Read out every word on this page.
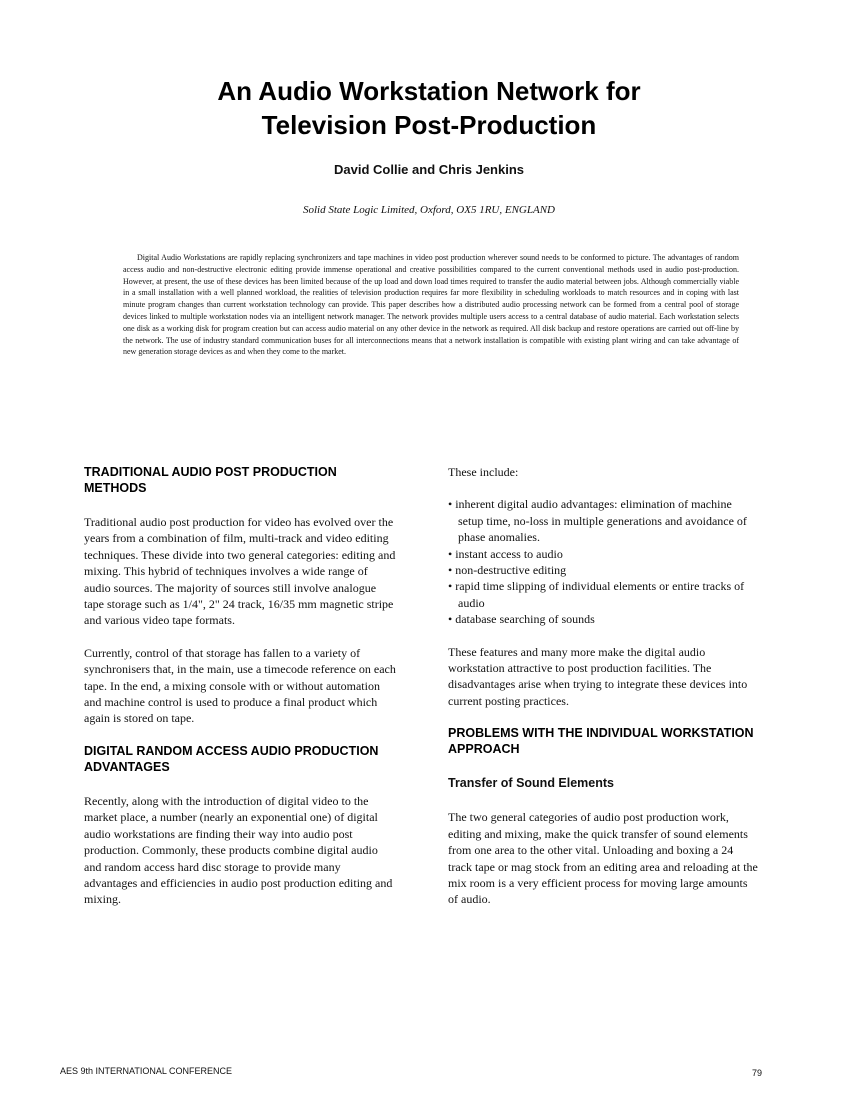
An Audio Workstation Network for
Television Post-Production
David Collie and Chris Jenkins
Solid State Logic Limited, Oxford, OX5 1RU, ENGLAND

Digital Audio Workstations are rapidly replacing synchronizers and tape machines in video post production wherever sound needs to be conformed to picture. The advantages of random access audio and non-destructive electronic editing provide immense operational and creative possibilities compared to the current conventional methods used in audio post-production. However, at present, the use of these devices has been limited because of the up load and down load times required to transfer the audio material between jobs. Although commercially viable in a small installation with a well planned workload, the realities of television production requires far more flexibility in scheduling workloads to match resources and in coping with last minute program changes than current workstation technology can provide. This paper describes how a distributed audio processing network can be formed from a central pool of storage devices linked to multiple workstation nodes via an intelligent network manager. The network provides multiple users access to a central database of audio material. Each workstation selects one disk as a working disk for program creation but can access audio material on any other device in the network as required. All disk backup and restore operations are carried out off-line by the network. The use of industry standard communication buses for all interconnections means that a network installation is compatible with existing plant wiring and can take advantage of new generation storage devices as and when they come to the market.

TRADITIONAL AUDIO POST PRODUCTION METHODS

Traditional audio post production for video has evolved over the years from a combination of film, multi-track and video editing techniques. These divide into two general categories: editing and mixing. This hybrid of techniques involves a wide range of audio sources. The majority of sources still involve analogue tape storage such as 1/4", 2" 24 track, 16/35 mm magnetic stripe and various video tape formats.

Currently, control of that storage has fallen to a variety of synchronisers that, in the main, use a timecode reference on each tape. In the end, a mixing console with or without automation and machine control is used to produce a final product which again is stored on tape.

DIGITAL RANDOM ACCESS AUDIO PRODUCTION ADVANTAGES

Recently, along with the introduction of digital video to the market place, a number (nearly an exponential one) of digital audio workstations are finding their way into audio post production. Commonly, these products combine digital audio and random access hard disc storage to provide many advantages and efficiencies in audio post production editing and mixing.

These include:

• inherent digital audio advantages: elimination of machine setup time, no-loss in multiple generations and avoidance of phase anomalies.
• instant access to audio
• non-destructive editing
• rapid time slipping of individual elements or entire tracks of audio
• database searching of sounds

These features and many more make the digital audio workstation attractive to post production facilities. The disadvantages arise when trying to integrate these devices into current posting practices.

PROBLEMS WITH THE INDIVIDUAL WORKSTATION APPROACH
Transfer of Sound Elements

The two general categories of audio post production work, editing and mixing, make the quick transfer of sound elements from one area to the other vital. Unloading and boxing a 24 track tape or mag stock from an editing area and reloading at the mix room is a very efficient process for moving large amounts of audio.

AES 9th INTERNATIONAL CONFERENCE	79
